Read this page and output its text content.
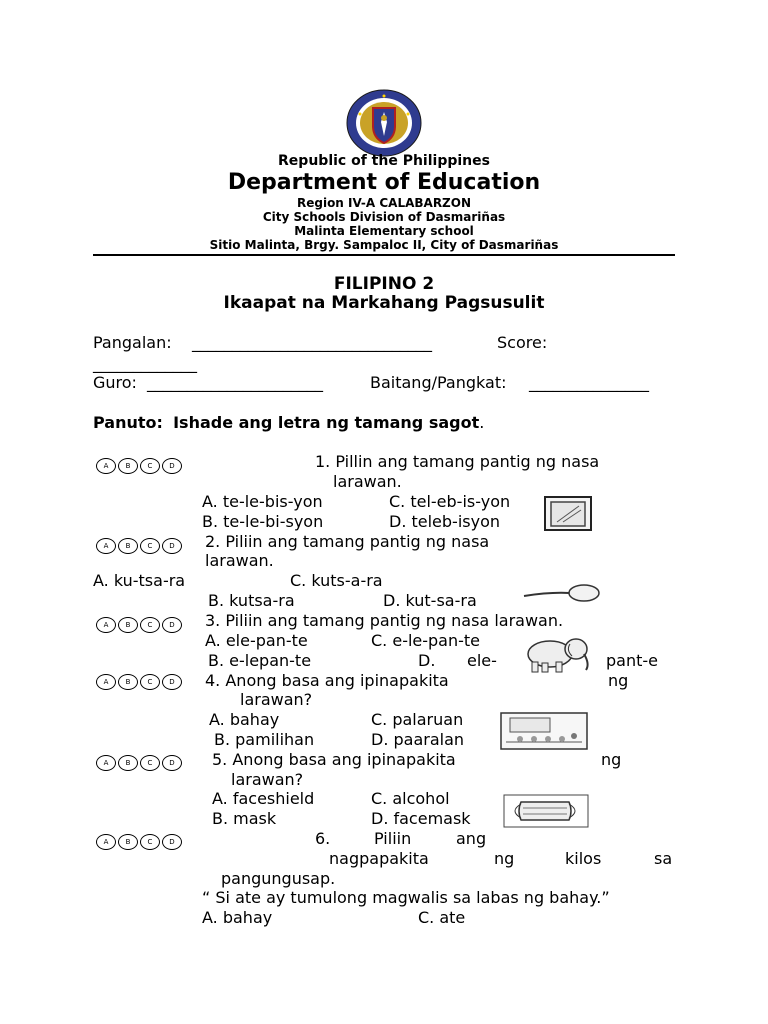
Republic of the Philippines
Department of Education
Region IV-A CALABARZON
City Schools Division of Dasmariñas
Malinta Elementary school
Sitio Malinta, Brgy. Sampaloc II, City of Dasmariñas
FILIPINO 2
Ikaapat na Markahang Pagsusulit
Pangalan: ______________________________	Score:
_____________
Guro: ______________________	Baitang/Pangkat: _______________
Panuto: Ishade ang letra ng tamang sagot.
A	B	C	D
A	B	C	D
A	B	C	D
A	B	C	D
A	B	C	D
A	B	C	D
1. Pillin ang tamang pantig ng nasa
larawan.
A. te-le-bis-yon	C. tel-eb-is-yon
B. te-le-bi-syon	D. teleb-isyon
2. Piliin ang tamang pantig ng nasa
larawan.
A. ku-tsa-ra	C. kuts-a-ra
B. kutsa-ra	D. kut-sa-ra
3. Piliin ang tamang pantig ng nasa larawan.
A. ele-pan-te	C. e-le-pan-te
B. e-lepan-te	D. ele-	pant-e
4. Anong basa ang ipinapakita	ng
larawan?
A. bahay	C. palaruan
B. pamilihan	D. paaralan
5. Anong basa ang ipinapakita	ng
larawan?
A. faceshield	C. alcohol
B. mask	D. facemask
6.	Piliin	ang
nagpapakita	ng	kilos	sa
pangungusap.
“ Si ate ay tumulong magwalis sa labas ng bahay.”
A. bahay	C. ate
